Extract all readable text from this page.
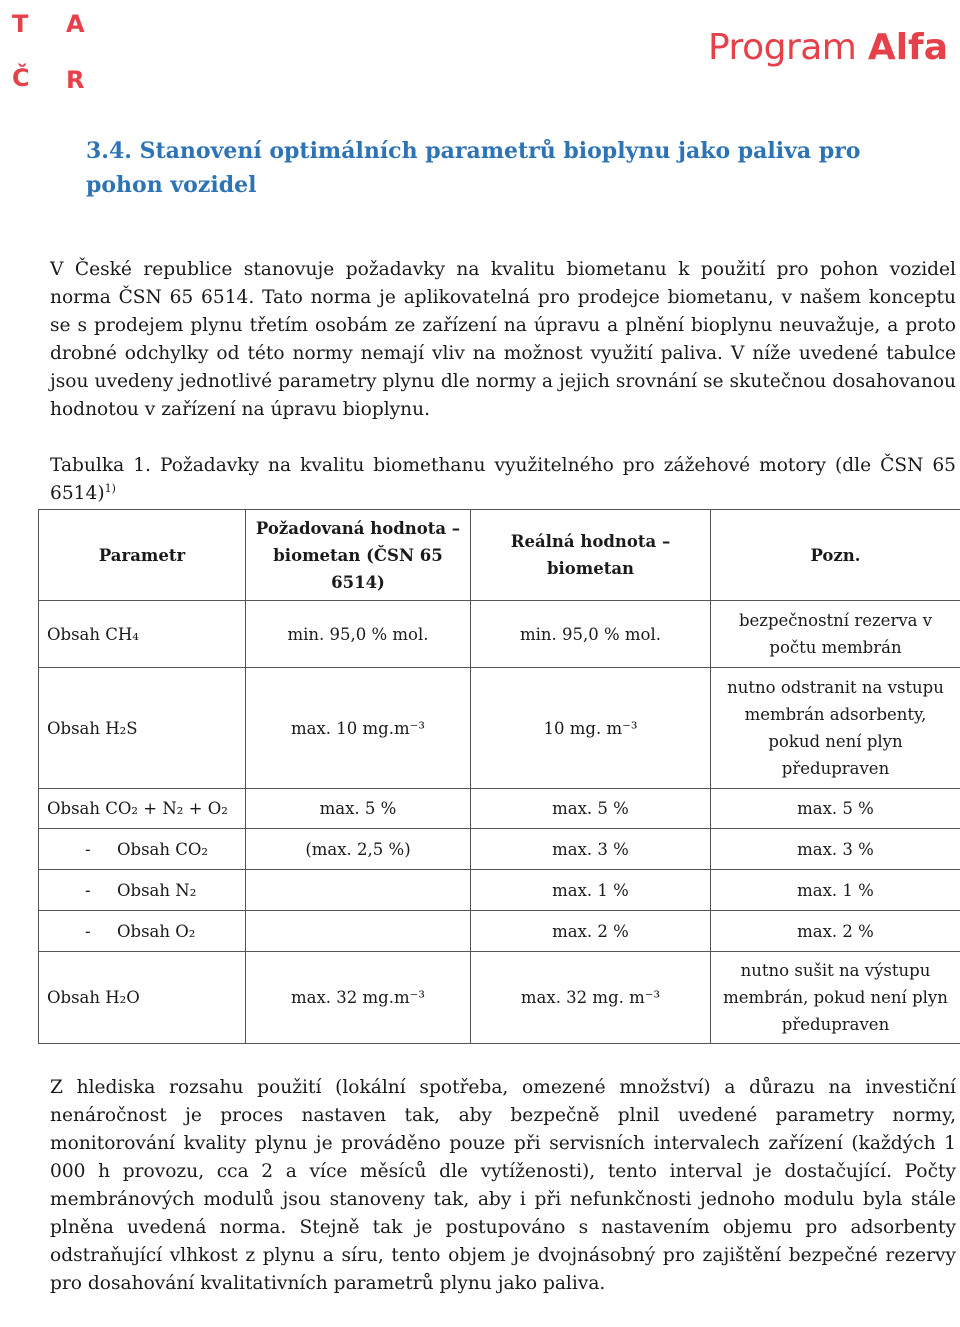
T A
Č R
Program Alfa
3.4. Stanovení optimálních parametrů bioplynu jako paliva pro pohon vozidel
V České republice stanovuje požadavky na kvalitu biometanu k použití pro pohon vozidel norma ČSN 65 6514. Tato norma je aplikovatelná pro prodejce biometanu, v našem konceptu se s prodejem plynu třetím osobám ze zařízení na úpravu a plnění bioplynu neuvažuje, a proto drobné odchylky od této normy nemají vliv na možnost využití paliva. V níže uvedené tabulce jsou uvedeny jednotlivé parametry plynu dle normy a jejich srovnání se skutečnou dosahovanou hodnotou v zařízení na úpravu bioplynu.
Tabulka 1. Požadavky na kvalitu biomethanu využitelného pro zážehové motory (dle ČSN 65 6514)$^{1)}$
Parametr	Požadovaná hodnota – biometan (ČSN 65 6514)	Reálná hodnota – biometan	Pozn.
Obsah CH₄	min. 95,0 % mol.	min. 95,0 % mol.	bezpečnostní rezerva v počtu membrán
Obsah H₂S	max. 10 mg.m⁻³	10 mg. m⁻³	nutno odstranit na vstupu membrán adsorbenty, pokud není plyn předupraven
Obsah CO₂ + N₂ + O₂	max. 5 %	max. 5 %	max. 5 %
- Obsah CO₂	(max. 2,5 %)	max. 3 %	max. 3 %
- Obsah N₂		max. 1 %	max. 1 %
- Obsah O₂		max. 2 %	max. 2 %
Obsah H₂O	max. 32 mg.m⁻³	max. 32 mg. m⁻³	nutno sušit na výstupu membrán, pokud není plyn předupraven
Z hlediska rozsahu použití (lokální spotřeba, omezené množství) a důrazu na investiční nenáročnost je proces nastaven tak, aby bezpečně plnil uvedené parametry normy, monitorování kvality plynu je prováděno pouze při servisních intervalech zařízení (každých 1 000 h provozu, cca 2 a více měsíců dle vytíženosti), tento interval je dostačující. Počty membránových modulů jsou stanoveny tak, aby i při nefunkčnosti jednoho modulu byla stále plněna uvedená norma. Stejně tak je postupováno s nastavením objemu pro adsorbenty odstraňující vlhkost z plynu a síru, tento objem je dvojnásobný pro zajištění bezpečné rezervy pro dosahování kvalitativních parametrů plynu jako paliva.
